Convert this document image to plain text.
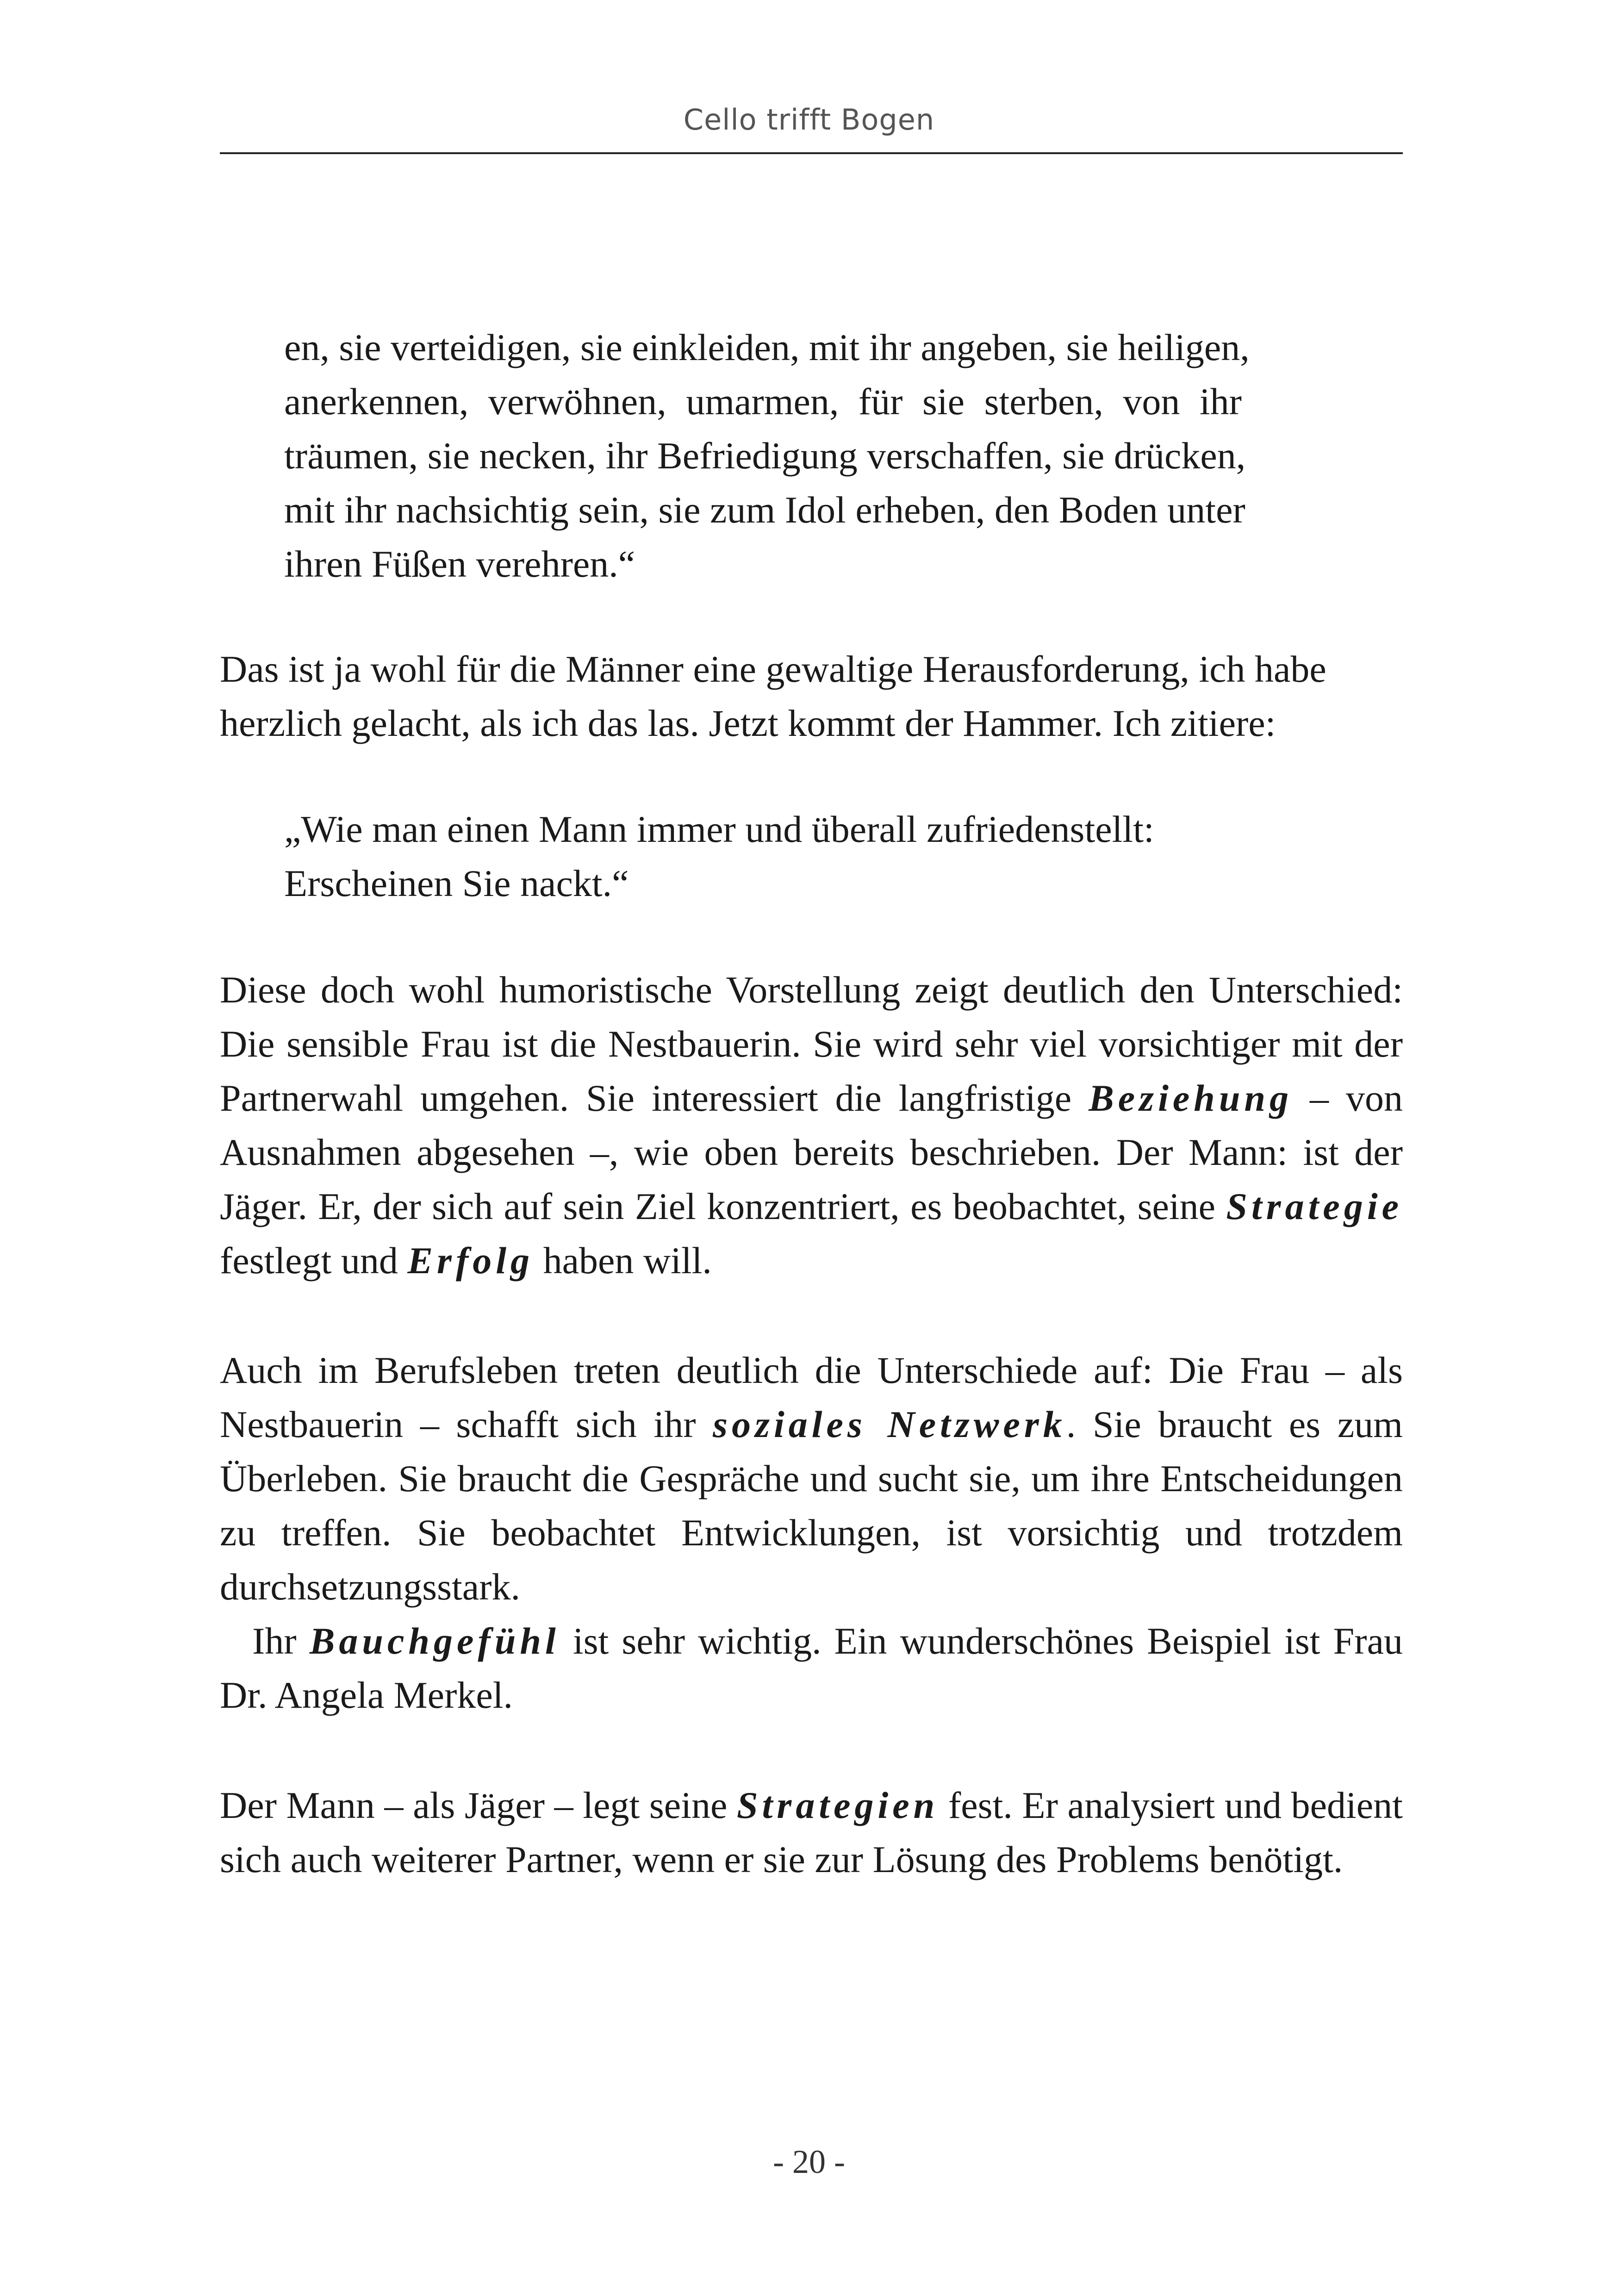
Cello trifft Bogen

en, sie verteidigen, sie einkleiden, mit ihr angeben, sie heiligen,
anerkennen, verwöhnen, umarmen, für sie sterben, von ihr
träumen, sie necken, ihr Befriedigung verschaffen, sie drücken,
mit ihr nachsichtig sein, sie zum Idol erheben, den Boden unter
ihren Füßen verehren.“

Das ist ja wohl für die Männer eine gewaltige Herausforderung, ich habe
herzlich gelacht, als ich das las. Jetzt kommt der Hammer. Ich zitiere:

„Wie man einen Mann immer und überall zufriedenstellt:
Erscheinen Sie nackt.“

Diese doch wohl humoristische Vorstellung zeigt deutlich den Unterschied: Die sensible Frau ist die Nestbauerin. Sie wird sehr viel vorsichtiger mit der Partnerwahl umgehen. Sie interessiert die langfristige Beziehung – von Ausnahmen abgesehen –, wie oben bereits beschrieben. Der Mann: ist der Jäger. Er, der sich auf sein Ziel konzentriert, es beobachtet, seine Strategie festlegt und Erfolg haben will.

Auch im Berufsleben treten deutlich die Unterschiede auf: Die Frau – als Nestbauerin – schafft sich ihr soziales Netzwerk. Sie braucht es zum Überleben. Sie braucht die Gespräche und sucht sie, um ihre Entscheidungen zu treffen. Sie beobachtet Entwicklungen, ist vorsichtig und trotzdem durchsetzungsstark.

Ihr Bauchgefühl ist sehr wichtig. Ein wunderschönes Beispiel ist Frau Dr. Angela Merkel.

Der Mann – als Jäger – legt seine Strategien fest. Er analysiert und bedient sich auch weiterer Partner, wenn er sie zur Lösung des Problems benötigt.

- 20 -
